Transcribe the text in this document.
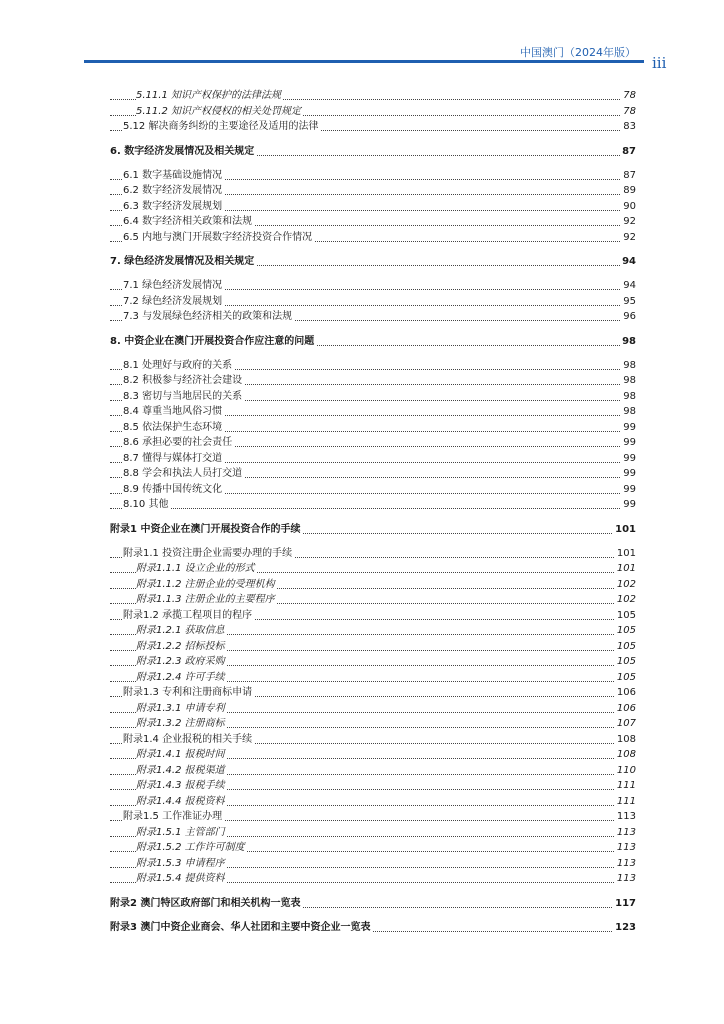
中国澳门（2024年版）
iii
5.11.1 知识产权保护的法律法规	78
5.11.2 知识产权侵权的相关处罚规定	78
5.12 解决商务纠纷的主要途径及适用的法律	83
6. 数字经济发展情况及相关规定	87
6.1 数字基础设施情况	87
6.2 数字经济发展情况	89
6.3 数字经济发展规划	90
6.4 数字经济相关政策和法规	92
6.5 内地与澳门开展数字经济投资合作情况	92
7. 绿色经济发展情况及相关规定	94
7.1 绿色经济发展情况	94
7.2 绿色经济发展规划	95
7.3 与发展绿色经济相关的政策和法规	96
8. 中资企业在澳门开展投资合作应注意的问题	98
8.1 处理好与政府的关系	98
8.2 积极参与经济社会建设	98
8.3 密切与当地居民的关系	98
8.4 尊重当地风俗习惯	98
8.5 依法保护生态环境	99
8.6 承担必要的社会责任	99
8.7 懂得与媒体打交道	99
8.8 学会和执法人员打交道	99
8.9 传播中国传统文化	99
8.10 其他	99
附录1 中资企业在澳门开展投资合作的手续	101
附录1.1 投资注册企业需要办理的手续	101
附录1.1.1 设立企业的形式	101
附录1.1.2 注册企业的受理机构	102
附录1.1.3 注册企业的主要程序	102
附录1.2 承揽工程项目的程序	105
附录1.2.1 获取信息	105
附录1.2.2 招标投标	105
附录1.2.3 政府采购	105
附录1.2.4 许可手续	105
附录1.3 专利和注册商标申请	106
附录1.3.1 申请专利	106
附录1.3.2 注册商标	107
附录1.4 企业报税的相关手续	108
附录1.4.1 报税时间	108
附录1.4.2 报税渠道	110
附录1.4.3 报税手续	111
附录1.4.4 报税资料	111
附录1.5 工作准证办理	113
附录1.5.1 主管部门	113
附录1.5.2 工作许可制度	113
附录1.5.3 申请程序	113
附录1.5.4 提供资料	113
附录2 澳门特区政府部门和相关机构一览表	117
附录3 澳门中资企业商会、华人社团和主要中资企业一览表	123
